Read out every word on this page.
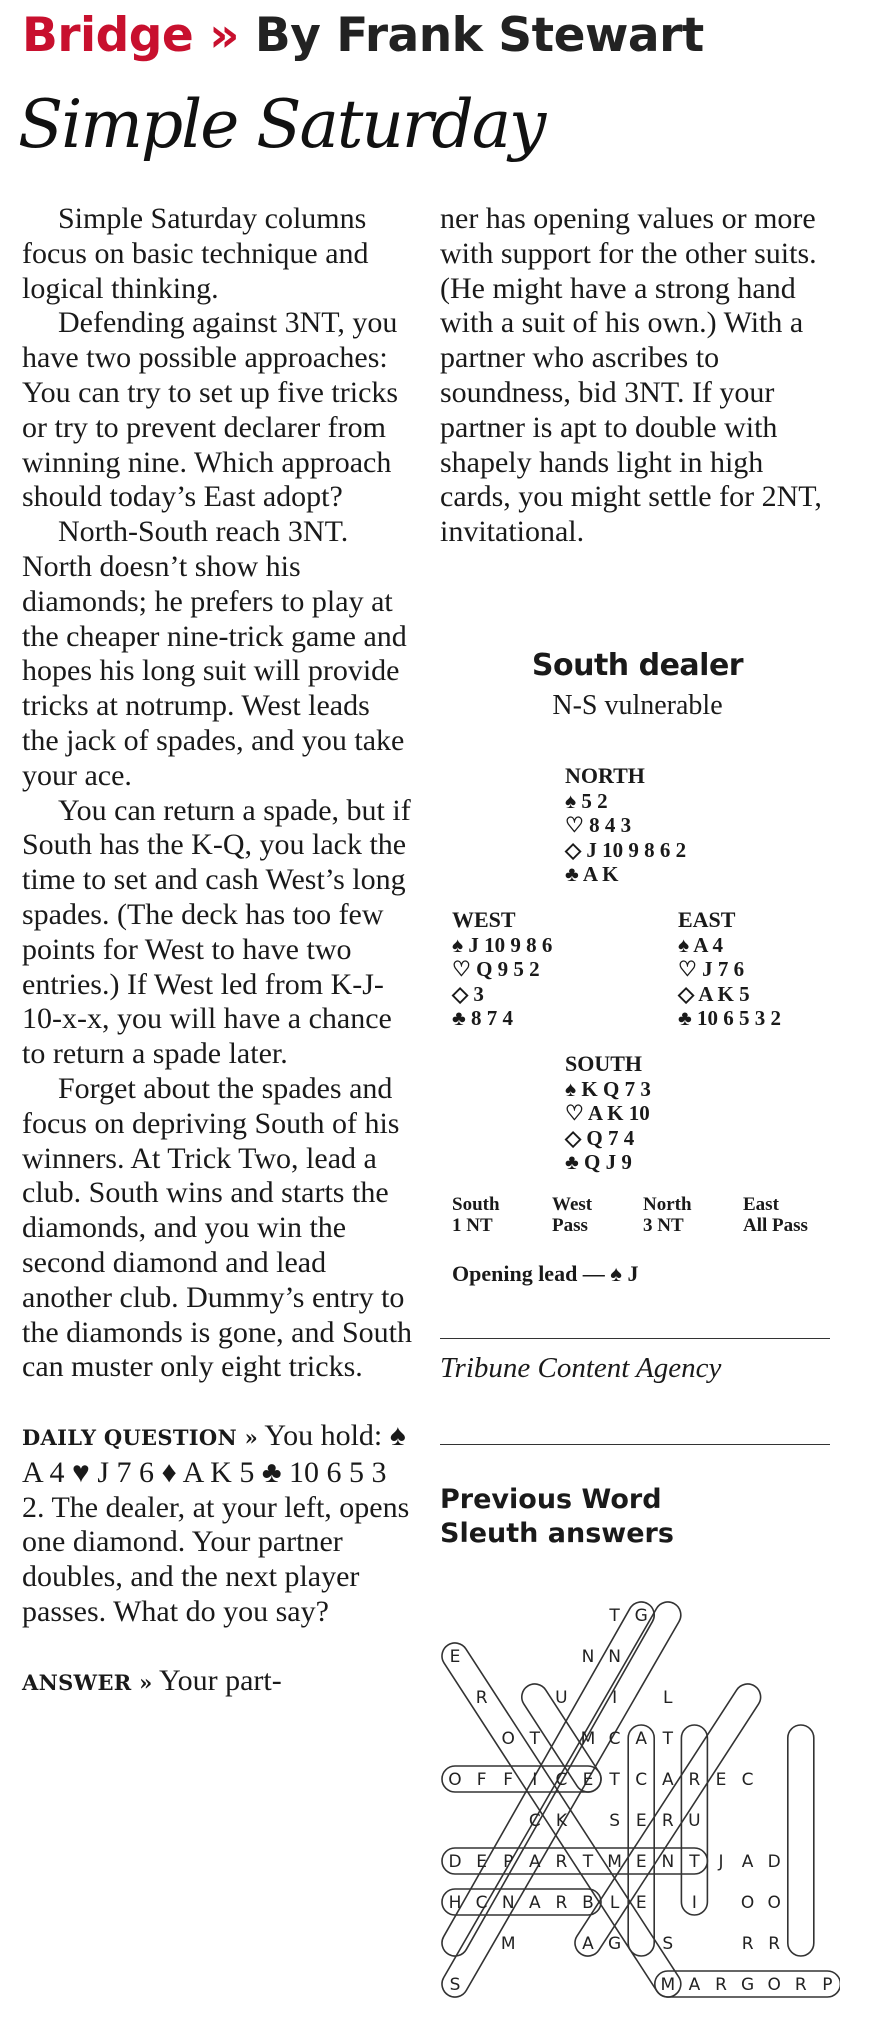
Bridge » By Frank Stewart
Simple Saturday

Simple Saturday columns focus on basic technique and logical thinking.

Defending against 3NT, you have two possible approaches: You can try to set up five tricks or try to prevent declarer from winning nine. Which approach should today’s East adopt?

North-South reach 3NT. North doesn’t show his diamonds; he prefers to play at the cheaper nine-trick game and hopes his long suit will provide tricks at notrump. West leads the jack of spades, and you take your ace.

You can return a spade, but if South has the K-Q, you lack the time to set and cash West’s long spades. (The deck has too few points for West to have two entries.) If West led from K-J-10-x-x, you will have a chance to return a spade later.

Forget about the spades and focus on depriving South of his winners. At Trick Two, lead a club. South wins and starts the diamonds, and you win the second diamond and lead another club. Dummy’s entry to the diamonds is gone, and South can muster only eight tricks.

DAILY QUESTION » You hold: ♠ A 4 ♥ J 7 6 ♦ A K 5 ♣ 10 6 5 3 2. The dealer, at your left, opens one diamond. Your partner doubles, and the next player passes. What do you say?

ANSWER » Your part-

ner has opening values or more with support for the other suits. (He might have a strong hand with a suit of his own.) With a partner who ascribes to soundness, bid 3NT. If your partner is apt to double with shapely hands light in high cards, you might settle for 2NT, invitational.

South dealer
N-S vulnerable
NORTH
♠ 5 2
♡ 8 4 3
◇ J 10 9 8 6 2
♣ A K
WEST
♠ J 10 9 8 6
♡ Q 9 5 2
◇ 3
♣ 8 7 4
EAST
♠ A 4
♡ J 7 6
◇ A K 5
♣ 10 6 5 3 2
SOUTH
♠ K Q 7 3
♡ A K 10
◇ Q 7 4
♣ Q J 9
South
1 NT
West
Pass
North
3 NT
East
All Pass
Opening lead — ♠ J
Tribune Content Agency
Previous Word
Sleuth answers
T G
E	N N
R	U	I	L
O T M C A T
O F F I C E T C A R E C
C K S E R U
D E P A R T M E N T J A D
H C N A R B L E	I	O O
M	A G S	R R
S	M A R G O R P
